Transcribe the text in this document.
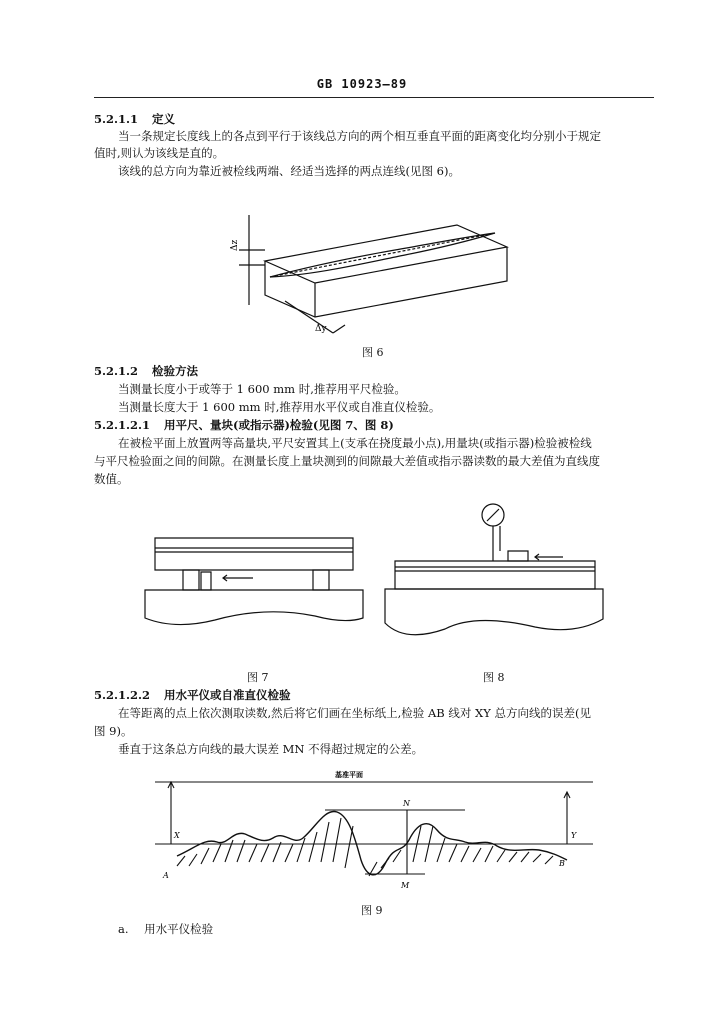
GB 10923—89
5.2.1.1 定义
当一条规定长度线上的各点到平行于该线总方向的两个相互垂直平面的距离变化均分别小于规定
值时,则认为该线是直的。
该线的总方向为靠近被检线两端、经适当选择的两点连线(见图 6)。
Δz
Δy
图 6
5.2.1.2 检验方法
当测量长度小于或等于 1 600 mm 时,推荐用平尺检验。
当测量长度大于 1 600 mm 时,推荐用水平仪或自准直仪检验。
5.2.1.2.1 用平尺、量块(或指示器)检验(见图 7、图 8)
在被检平面上放置两等高量块,平尺安置其上(支承在挠度最小点),用量块(或指示器)检验被检线
与平尺检验面之间的间隙。在测量长度上量块测到的间隙最大差值或指示器读数的最大差值为直线度
数值。
图 7	图 8
5.2.1.2.2 用水平仪或自准直仪检验
在等距离的点上依次测取读数,然后将它们画在坐标纸上,检验 AB 线对 XY 总方向线的误差(见
图 9)。
垂直于这条总方向线的最大误差 MN 不得超过规定的公差。
基准平面
X	Y
A
B
N
M
图 9
a. 用水平仪检验
